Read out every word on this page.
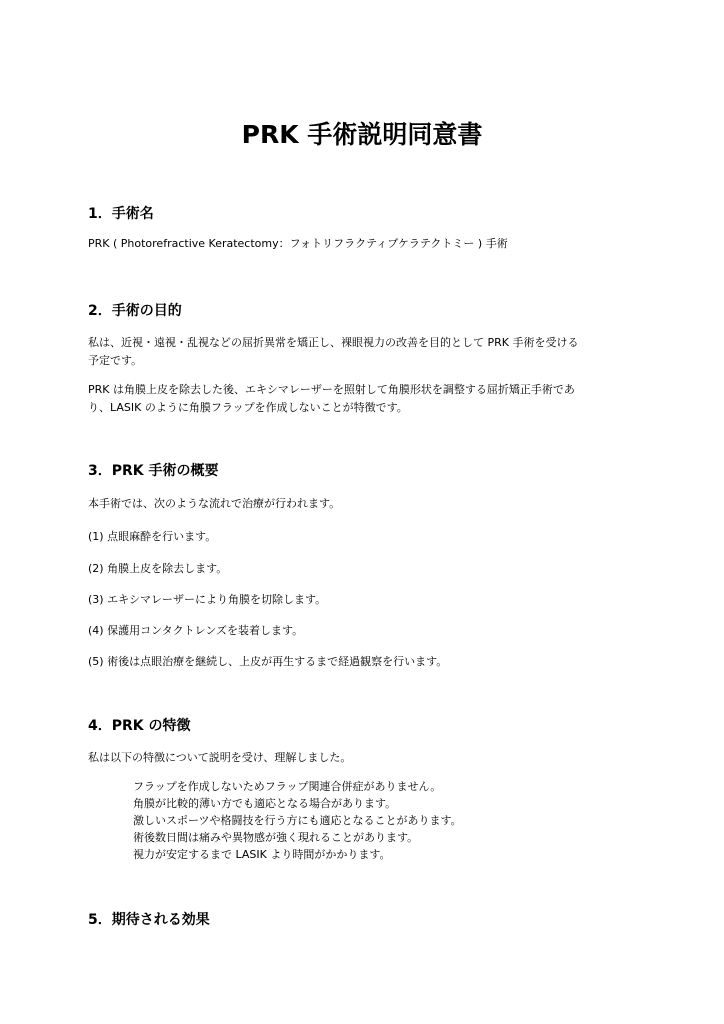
PRK 手術説明同意書
1．手術名

PRK ( Photorefractive Keratectomy：フォトリフラクティブケラテクトミー ) 手術

2．手術の目的

私は、近視・遠視・乱視などの屈折異常を矯正し、裸眼視力の改善を目的として PRK 手術を受ける

予定です。

PRK は角膜上皮を除去した後、エキシマレーザーを照射して角膜形状を調整する屈折矯正手術であ

り、LASIK のように角膜フラップを作成しないことが特徴です。

3．PRK 手術の概要

本手術では、次のような流れで治療が行われます。

(1) 点眼麻酔を行います。

(2) 角膜上皮を除去します。

(3) エキシマレーザーにより角膜を切除します。

(4) 保護用コンタクトレンズを装着します。

(5) 術後は点眼治療を継続し、上皮が再生するまで経過観察を行います。

4．PRK の特徴

私は以下の特徴について説明を受け、理解しました。

フラップを作成しないためフラップ関連合併症がありません。
角膜が比較的薄い方でも適応となる場合があります。
激しいスポーツや格闘技を行う方にも適応となることがあります。
術後数日間は痛みや異物感が強く現れることがあります。
視力が安定するまで LASIK より時間がかかります。
5．期待される効果
